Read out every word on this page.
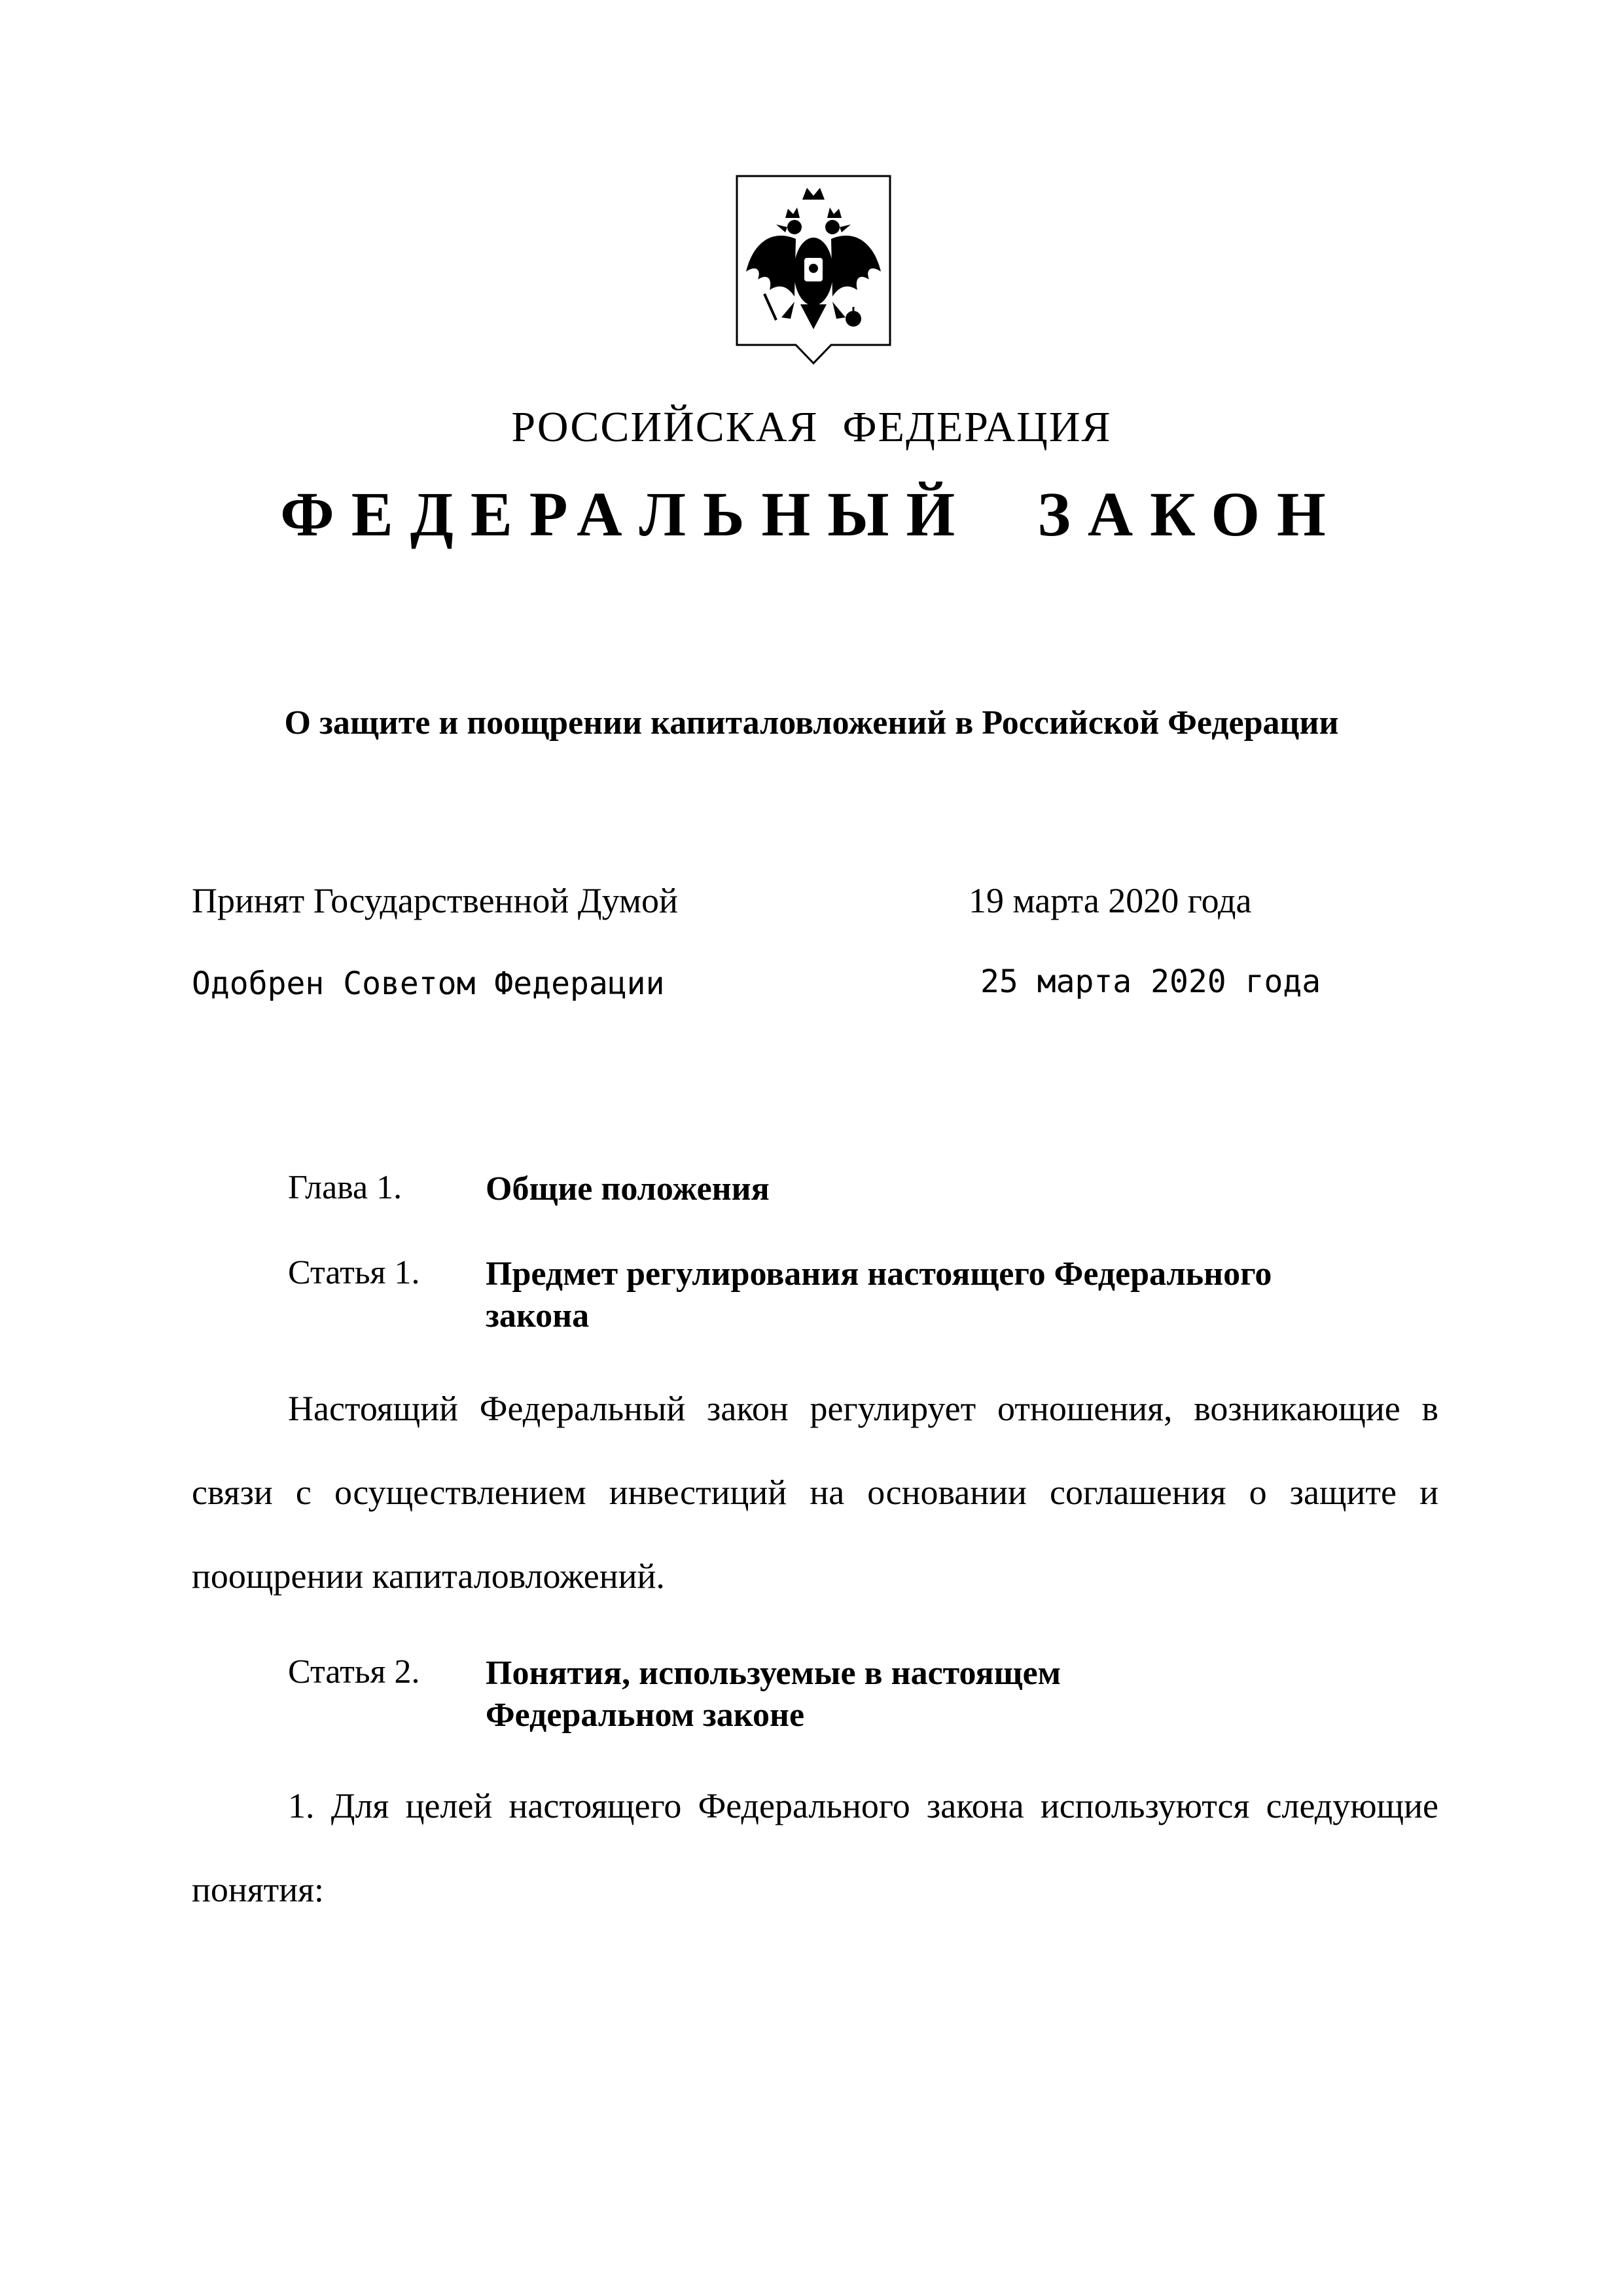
РОССИЙСКАЯ  ФЕДЕРАЦИЯ
ФЕДЕРАЛЬНЫЙ  ЗАКОН
О защите и поощрении капиталовложений в Российской Федерации
Принят Государственной Думой	19 марта 2020 года
Одобрен Советом Федерации	25 марта 2020 года
Глава 1. Общие положения
Статья 1. Предмет регулирования настоящего Федерального закона
Настоящий Федеральный закон регулирует отношения, возникающие в связи с осуществлением инвестиций на основании соглашения о защите и поощрении капиталовложений.
Статья 2. Понятия, используемые в настоящем Федеральном законе
1. Для целей настоящего Федерального закона используются следующие понятия:
